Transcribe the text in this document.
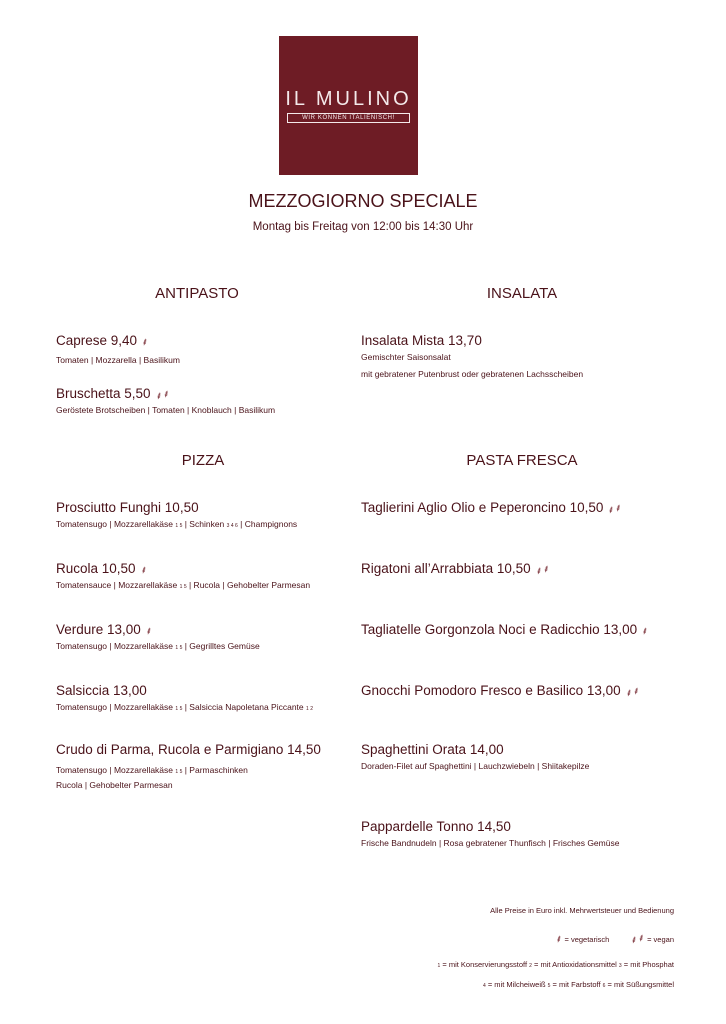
IL MULINO
WIR KÖNNEN ITALIENISCH!
MEZZOGIORNO SPECIALE
Montag bis Freitag von 12:00 bis 14:30 Uhr
ANTIPASTO	INSALATA
PIZZA	PASTA FRESCA
Caprese 9,40 ⸙
Tomaten | Mozzarella | Basilikum
Bruschetta 5,50 ⸙⸙
Geröstete Brotscheiben | Tomaten | Knoblauch | Basilikum
Insalata Mista 13,70
Gemischter Saisonsalat
mit gebratener Putenbrust oder gebratenen Lachsscheiben
Prosciutto Funghi 10,50
Tomatensugo | Mozzarellakäse 1 5 | Schinken 3 4 6 | Champignons
Rucola 10,50 ⸙
Tomatensauce | Mozzarellakäse 1 5 | Rucola | Gehobelter Parmesan
Verdure 13,00 ⸙
Tomatensugo | Mozzarellakäse 1 5 | Gegrilltes Gemüse
Salsiccia 13,00
Tomatensugo | Mozzarellakäse 1 5 | Salsiccia Napoletana Piccante 1 2
Crudo di Parma, Rucola e Parmigiano 14,50
Tomatensugo | Mozzarellakäse 1 5 | Parmaschinken
Rucola | Gehobelter Parmesan
Taglierini Aglio Olio e Peperoncino 10,50 ⸙⸙
Rigatoni all’Arrabbiata 10,50 ⸙⸙
Tagliatelle Gorgonzola Noci e Radicchio 13,00 ⸙
Gnocchi Pomodoro Fresco e Basilico 13,00 ⸙⸙
Spaghettini Orata 14,00
Doraden-Filet auf Spaghettini | Lauchzwiebeln | Shiitakepilze
Pappardelle Tonno 14,50
Frische Bandnudeln | Rosa gebratener Thunfisch | Frisches Gemüse
Alle Preise in Euro inkl. Mehrwertsteuer und Bedienung
⸙= vegetarisch ⸙⸙= vegan
1 = mit Konservierungsstoff 2 = mit Antioxidationsmittel 3 = mit Phosphat
4 = mit Milcheiweiß 5 = mit Farbstoff 6 = mit Süßungsmittel
